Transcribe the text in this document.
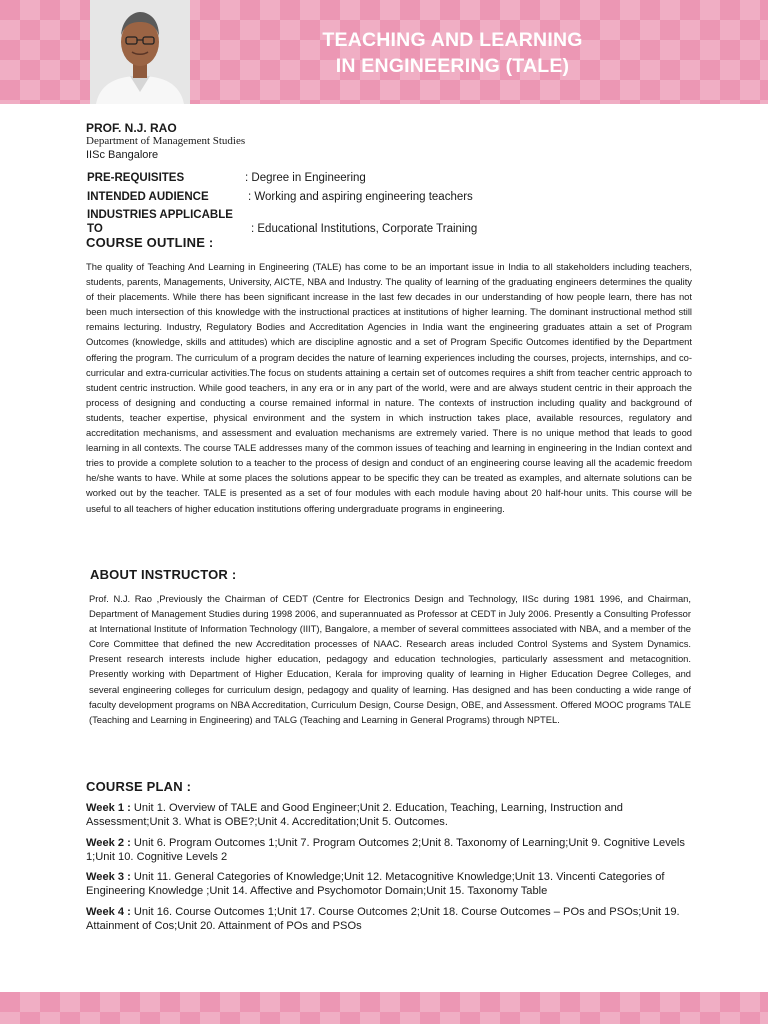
TEACHING AND LEARNING
IN ENGINEERING (TALE)
PROF. N.J. RAO
Department of Management Studies
IISc Bangalore
PRE-REQUISITES	: Degree in Engineering
INTENDED AUDIENCE	: Working and aspiring engineering teachers
INDUSTRIES APPLICABLE TO	: Educational Institutions, Corporate Training
COURSE OUTLINE :
The quality of Teaching And Learning in Engineering (TALE) has come to be an important issue in India to all stakeholders including teachers, students, parents, Managements, University, AICTE, NBA and Industry. The quality of learning of the graduating engineers determines the quality of their placements. While there has been significant increase in the last few decades in our understanding of how people learn, there has not been much intersection of this knowledge with the instructional practices at institutions of higher learning. The dominant instructional method still remains lecturing. Industry, Regulatory Bodies and Accreditation Agencies in India want the engineering graduates attain a set of Program Outcomes (knowledge, skills and attitudes) which are discipline agnostic and a set of Program Specific Outcomes identified by the Department offering the program. The curriculum of a program decides the nature of learning experiences including the courses, projects, internships, and co-curricular and extra-curricular activities.The focus on students attaining a certain set of outcomes requires a shift from teacher centric approach to student centric instruction. While good teachers, in any era or in any part of the world, were and are always student centric in their approach the process of designing and conducting a course remained informal in nature. The contexts of instruction including quality and background of students, teacher expertise, physical environment and the system in which instruction takes place, available resources, regulatory and accreditation mechanisms, and assessment and evaluation mechanisms are extremely varied. There is no unique method that leads to good learning in all contexts. The course TALE addresses many of the common issues of teaching and learning in engineering in the Indian context and tries to provide a complete solution to a teacher to the process of design and conduct of an engineering course leaving all the academic freedom he/she wants to have. While at some places the solutions appear to be specific they can be treated as examples, and alternate solutions can be worked out by the teacher. TALE is presented as a set of four modules with each module having about 20 half-hour units. This course will be useful to all teachers of higher education institutions offering undergraduate programs in engineering.
ABOUT INSTRUCTOR :
Prof. N.J. Rao ,Previously the Chairman of CEDT (Centre for Electronics Design and Technology, IISc during 1981 1996, and Chairman, Department of Management Studies during 1998 2006, and superannuated as Professor at CEDT in July 2006. Presently a Consulting Professor at International Institute of Information Technology (IIIT), Bangalore, a member of several committees associated with NBA, and a member of the Core Committee that defined the new Accreditation processes of NAAC. Research areas included Control Systems and System Dynamics. Present research interests include higher education, pedagogy and education technologies, particularly assessment and metacognition. Presently working with Department of Higher Education, Kerala for improving quality of learning in Higher Education Degree Colleges, and several engineering colleges for curriculum design, pedagogy and quality of learning. Has designed and has been conducting a wide range of faculty development programs on NBA Accreditation, Curriculum Design, Course Design, OBE, and Assessment. Offered MOOC programs TALE (Teaching and Learning in Engineering) and TALG (Teaching and Learning in General Programs) through NPTEL.
COURSE PLAN :
Week 1 : Unit 1. Overview of TALE and Good Engineer;Unit 2. Education, Teaching, Learning, Instruction and Assessment;Unit 3. What is OBE?;Unit 4. Accreditation;Unit 5. Outcomes.
Week 2 : Unit 6. Program Outcomes 1;Unit 7. Program Outcomes 2;Unit 8. Taxonomy of Learning;Unit 9. Cognitive Levels 1;Unit 10. Cognitive Levels 2
Week 3 : Unit 11. General Categories of Knowledge;Unit 12. Metacognitive Knowledge;Unit 13. Vincenti Categories of Engineering Knowledge ;Unit 14. Affective and Psychomotor Domain;Unit 15. Taxonomy Table
Week 4 : Unit 16. Course Outcomes 1;Unit 17. Course Outcomes 2;Unit 18. Course Outcomes – POs and PSOs;Unit 19. Attainment of Cos;Unit 20. Attainment of POs and PSOs
